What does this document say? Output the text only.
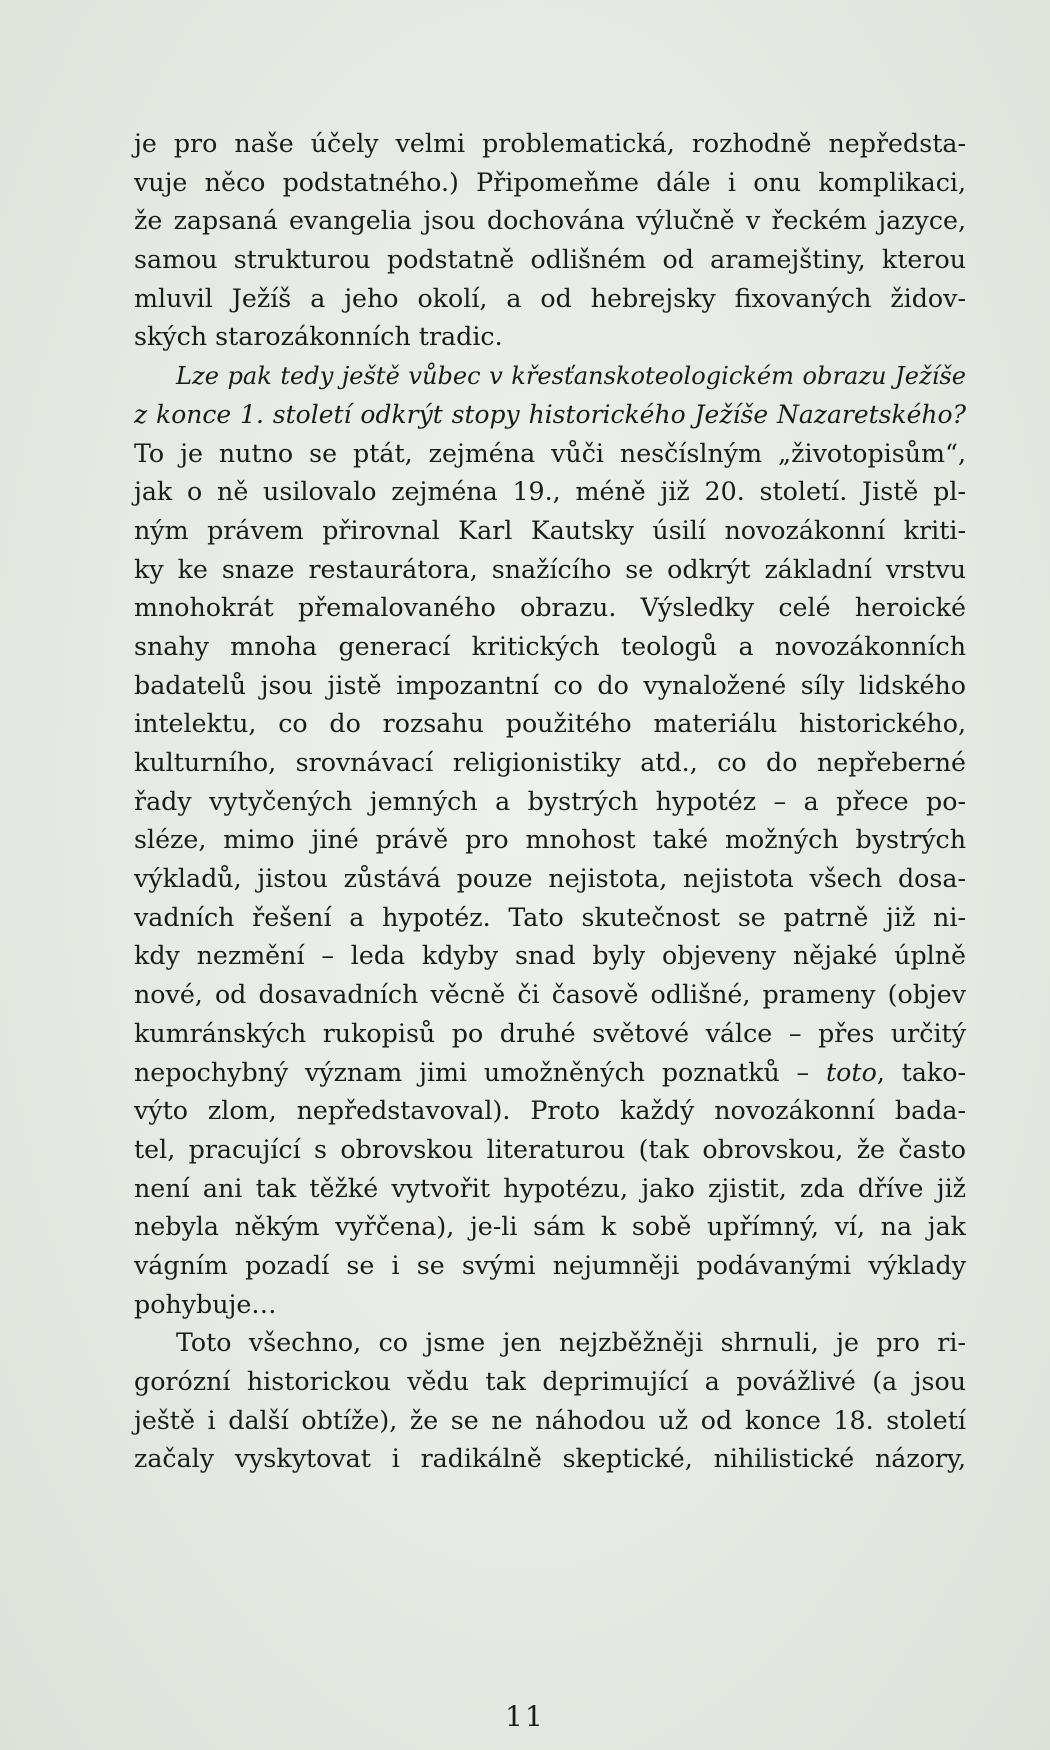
je pro naše účely velmi problematická, rozhodně nepředsta-
vuje něco podstatného.) Připomeňme dále i onu komplikaci,
že zapsaná evangelia jsou dochována výlučně v řeckém jazyce,
samou strukturou podstatně odlišném od aramejštiny, kterou
mluvil Ježíš a jeho okolí, a od hebrejsky fixovaných židov-
ských starozákonních tradic.
Lze pak tedy ještě vůbec v křesťanskoteologickém obrazu Ježíše
z konce 1. století odkrýt stopy historického Ježíše Nazaretského?
To je nutno se ptát, zejména vůči nesčíslným „životopisům“,
jak o ně usilovalo zejména 19., méně již 20. století. Jistě pl-
ným právem přirovnal Karl Kautsky úsilí novozákonní kriti-
ky ke snaze restaurátora, snažícího se odkrýt základní vrstvu
mnohokrát přemalovaného obrazu. Výsledky celé heroické
snahy mnoha generací kritických teologů a novozákonních
badatelů jsou jistě impozantní co do vynaložené síly lidského
intelektu, co do rozsahu použitého materiálu historického,
kulturního, srovnávací religionistiky atd., co do nepřeberné
řady vytyčených jemných a bystrých hypotéz – a přece po-
sléze, mimo jiné právě pro mnohost také možných bystrých
výkladů, jistou zůstává pouze nejistota, nejistota všech dosa-
vadních řešení a hypotéz. Tato skutečnost se patrně již ni-
kdy nezmění – leda kdyby snad byly objeveny nějaké úplně
nové, od dosavadních věcně či časově odlišné, prameny (objev
kumránských rukopisů po druhé světové válce – přes určitý
nepochybný význam jimi umožněných poznatků – toto, tako-
výto zlom, nepředstavoval). Proto každý novozákonní bada-
tel, pracující s obrovskou literaturou (tak obrovskou, že často
není ani tak těžké vytvořit hypotézu, jako zjistit, zda dříve již
nebyla někým vyřčena), je-li sám k sobě upřímný, ví, na jak
vágním pozadí se i se svými nejumněji podávanými výklady
pohybuje…
Toto všechno, co jsme jen nejzběžněji shrnuli, je pro ri-
gorózní historickou vědu tak deprimující a povážlivé (a jsou
ještě i další obtíže), že se ne náhodou už od konce 18. století
začaly vyskytovat i radikálně skeptické, nihilistické názory,
11
